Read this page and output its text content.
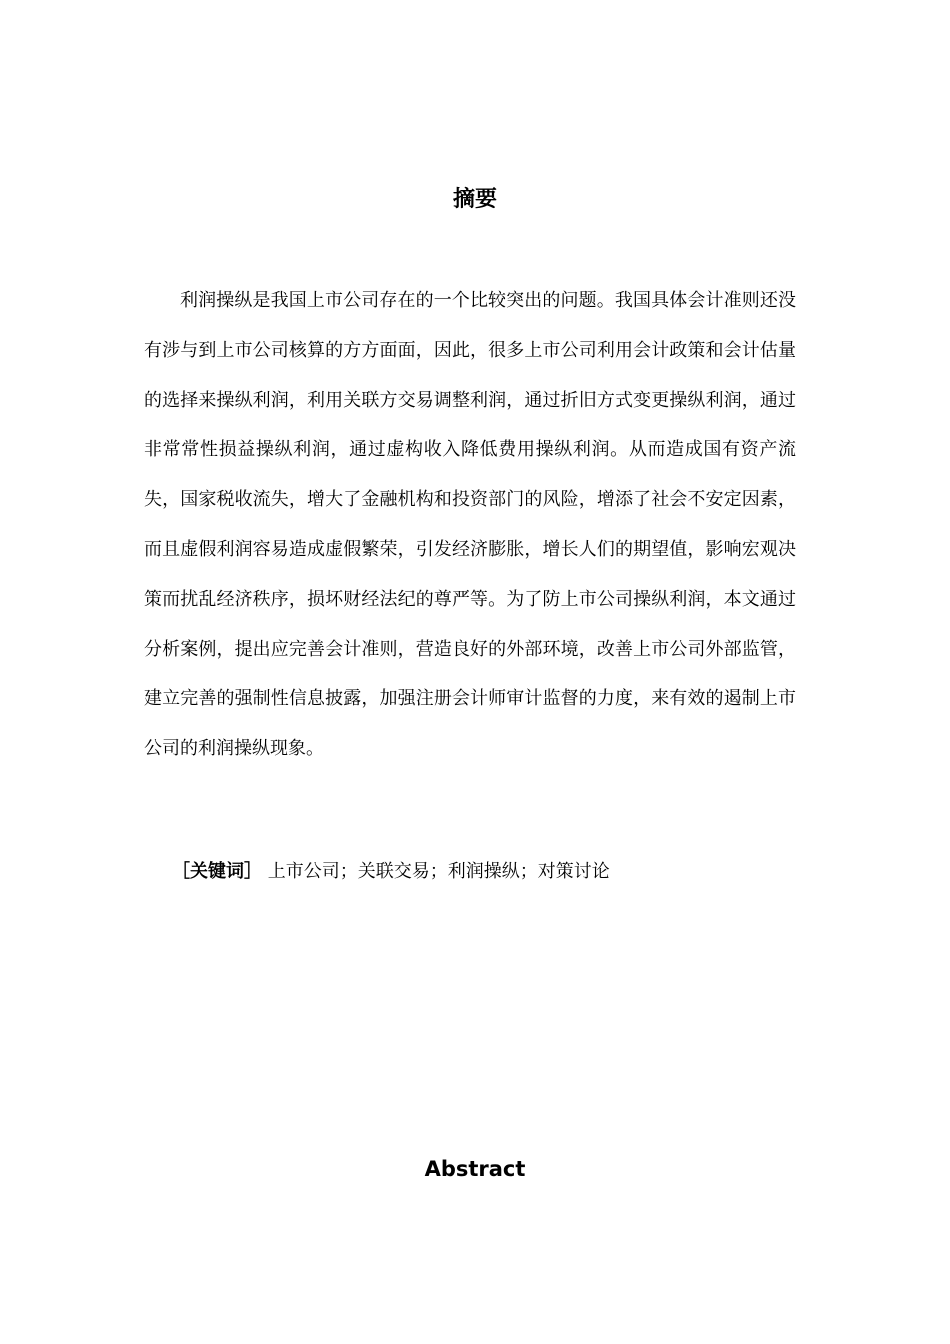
摘要

利润操纵是我国上市公司存在的一个比较突出的问题。我国具体会计准则还没有涉与到上市公司核算的方方面面，因此，很多上市公司利用会计政策和会计估量的选择来操纵利润，利用关联方交易调整利润，通过折旧方式变更操纵利润，通过非常常性损益操纵利润，通过虚构收入降低费用操纵利润。从而造成国有资产流失，国家税收流失，增大了金融机构和投资部门的风险，增添了社会不安定因素，而且虚假利润容易造成虚假繁荣，引发经济膨胀，增长人们的期望值，影响宏观决策而扰乱经济秩序，损坏财经法纪的尊严等。为了防上市公司操纵利润，本文通过分析案例，提出应完善会计准则，营造良好的外部环境，改善上市公司外部监管，建立完善的强制性信息披露，加强注册会计师审计监督的力度，来有效的遏制上市公司的利润操纵现象。

［关键词］ 上市公司；关联交易；利润操纵；对策讨论
Abstract
